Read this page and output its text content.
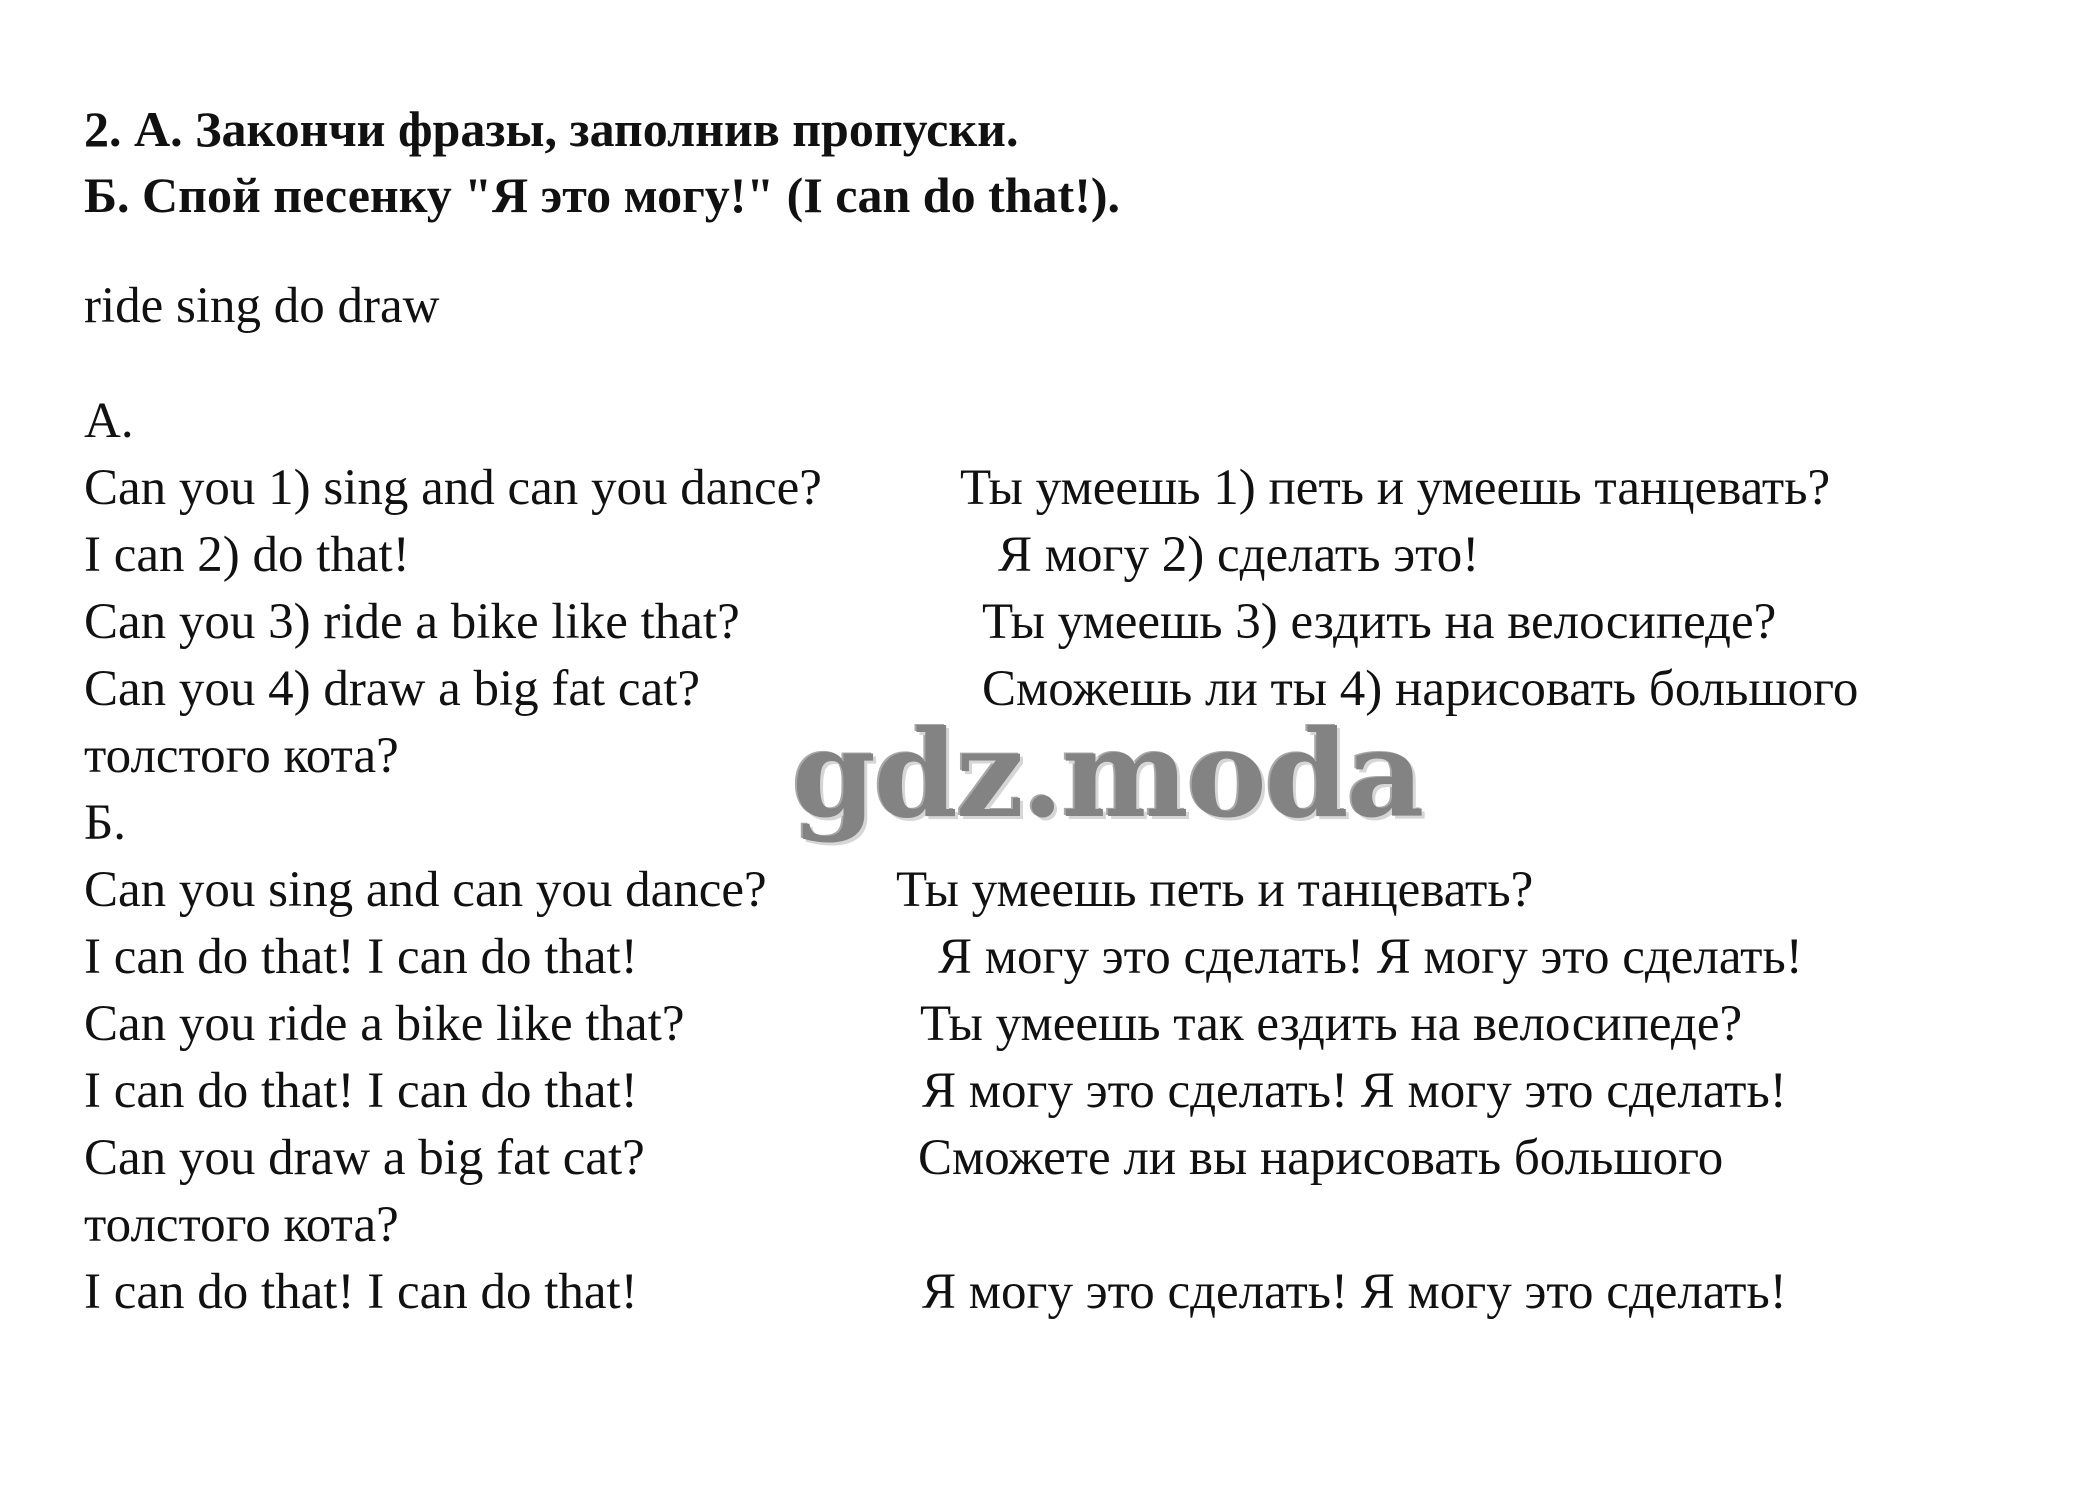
2. А. Закончи фразы, заполнив пропуски.
Б. Спой песенку "Я это могу!" (I can do that!).
ride sing do draw
А.
Can you 1) sing and can you dance?	Ты умеешь 1) петь и умеешь танцевать?
I can 2) do that!	Я могу 2) сделать это!
Can you 3) ride a bike like that?	Ты умеешь 3) ездить на велосипеде?
Can you 4) draw a big fat cat?	Сможешь ли ты 4) нарисовать большого
толстого кота?
Б.
Can you sing and can you dance?	Ты умеешь петь и танцевать?
I can do that! I can do that!	Я могу это сделать! Я могу это сделать!
Can you ride a bike like that?	Ты умеешь так ездить на велосипеде?
I can do that! I can do that!	Я могу это сделать! Я могу это сделать!
Can you draw a big fat cat?	Сможете ли вы нарисовать большого
толстого кота?
I can do that! I can do that!	Я могу это сделать! Я могу это сделать!
gdz.moda
